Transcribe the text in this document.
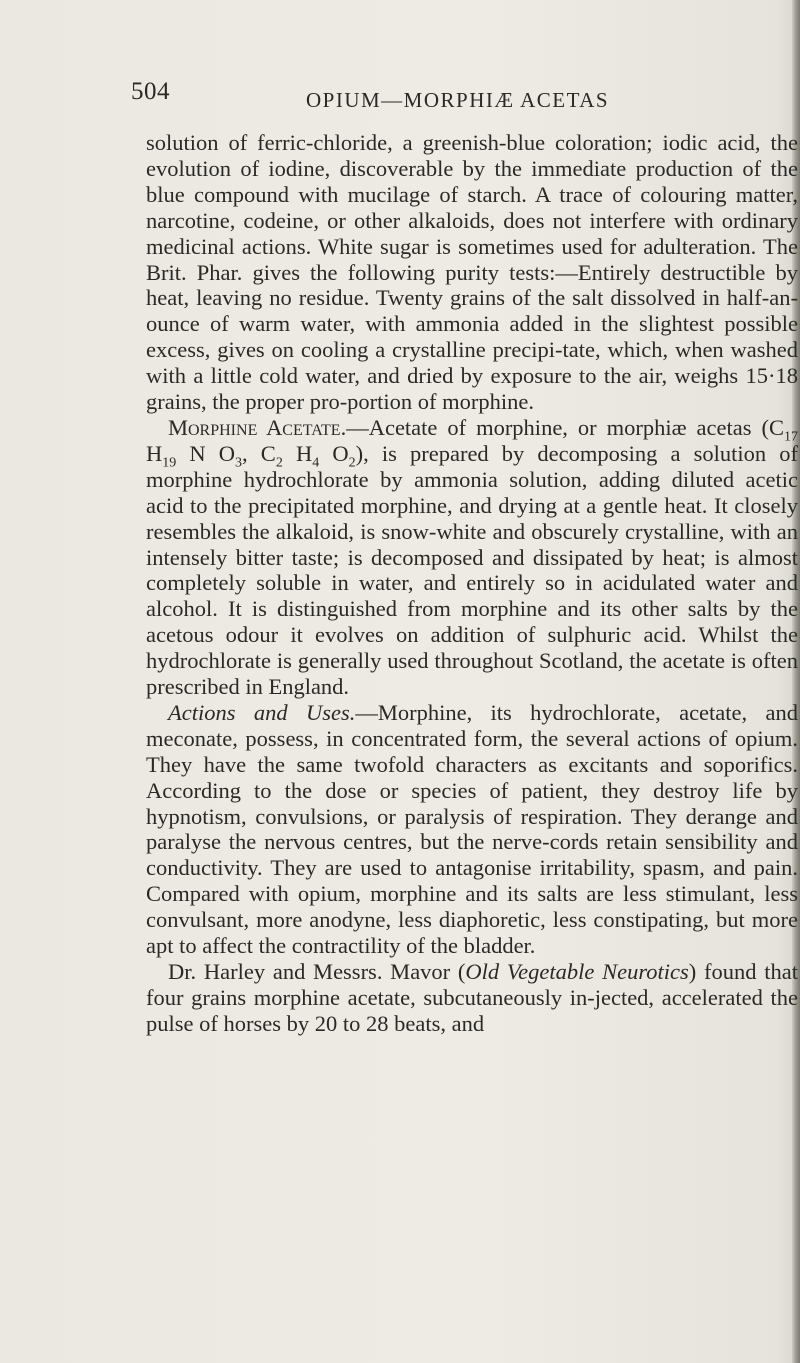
504	OPIUM—MORPHIÆ ACETAS

solution of ferric-chloride, a greenish-blue coloration; iodic acid, the evolution of iodine, discoverable by the immediate production of the blue compound with mucilage of starch. A trace of colouring matter, narcotine, codeine, or other alkaloids, does not interfere with ordinary medicinal actions. White sugar is sometimes used for adulteration. The Brit. Phar. gives the following purity tests:—Entirely destructible by heat, leaving no residue. Twenty grains of the salt dissolved in half-an-ounce of warm water, with ammonia added in the slightest possible excess, gives on cooling a crystalline precipi-tate, which, when washed with a little cold water, and dried by exposure to the air, weighs 15·18 grains, the proper pro-portion of morphine.

Morphine Acetate.—Acetate of morphine, or morphiæ acetas ($C_{17}$ $H_{19}$ N $O_3$, $C_2$ $H_4$ $O_2$), is prepared by decomposing a solution of morphine hydrochlorate by ammonia solution, adding diluted acetic acid to the precipitated morphine, and drying at a gentle heat. It closely resembles the alkaloid, is snow-white and obscurely crystalline, with an intensely bitter taste; is decomposed and dissipated by heat; is almost completely soluble in water, and entirely so in acidulated water and alcohol. It is distinguished from morphine and its other salts by the acetous odour it evolves on addition of sulphuric acid. Whilst the hydrochlorate is generally used throughout Scotland, the acetate is often prescribed in England.

Actions and Uses.—Morphine, its hydrochlorate, acetate, and meconate, possess, in concentrated form, the several actions of opium. They have the same twofold characters as excitants and soporifics. According to the dose or species of patient, they destroy life by hypnotism, convulsions, or paralysis of respiration. They derange and paralyse the nervous centres, but the nerve-cords retain sensibility and conductivity. They are used to antagonise irritability, spasm, and pain. Compared with opium, morphine and its salts are less stimulant, less convulsant, more anodyne, less diaphoretic, less constipating, but more apt to affect the contractility of the bladder.

Dr. Harley and Messrs. Mavor (Old Vegetable Neurotics) found that four grains morphine acetate, subcutaneously in-jected, accelerated the pulse of horses by 20 to 28 beats, and
